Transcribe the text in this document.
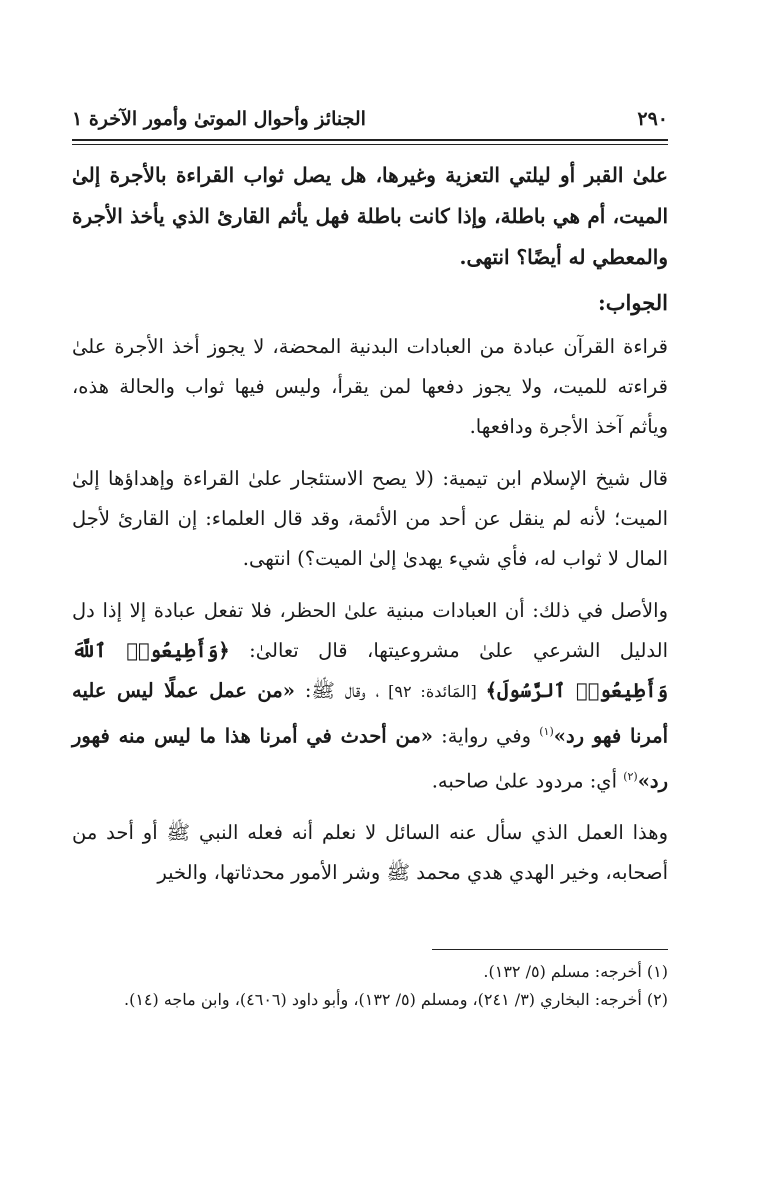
٢٩٠
الجنائز وأحوال الموتىٰ وأمور الآخرة ١

علىٰ القبر أو ليلتي التعزية وغيرها، هل يصل ثواب القراءة بالأجرة إلىٰ الميت، أم هي باطلة، وإذا كانت باطلة فهل يأثم القارئ الذي يأخذ الأجرة والمعطي له أيضًا؟ انتهى.

الجواب:

قراءة القرآن عبادة من العبادات البدنية المحضة، لا يجوز أخذ الأجرة علىٰ قراءته للميت، ولا يجوز دفعها لمن يقرأ، وليس فيها ثواب والحالة هذه، ويأثم آخذ الأجرة ودافعها.

قال شيخ الإسلام ابن تيمية: (لا يصح الاستئجار علىٰ القراءة وإهداؤها إلىٰ الميت؛ لأنه لم ينقل عن أحد من الأئمة، وقد قال العلماء: إن القارئ لأجل المال لا ثواب له، فأي شيء يهدىٰ إلىٰ الميت؟) انتهى.

والأصل في ذلك: أن العبادات مبنية علىٰ الحظر، فلا تفعل عبادة إلا إذا دل الدليل الشرعي علىٰ مشروعيتها، قال تعالىٰ: ﴿وَأَطِيعُوا۟ ٱللَّهَ وَأَطِيعُوا۟ ٱلرَّسُولَ﴾ [المَائدة: ٩٢] ، وقال ﷺ: «من عمل عملًا ليس عليه أمرنا فهو رد»$^{(١)}$ وفي رواية: «من أحدث في أمرنا هذا ما ليس منه فهور رد»$^{(٢)}$ أي: مردود علىٰ صاحبه.

وهذا العمل الذي سأل عنه السائل لا نعلم أنه فعله النبي ﷺ أو أحد من أصحابه، وخير الهدي هدي محمد ﷺ وشر الأمور محدثاتها، والخير

(١) أخرجه: مسلم (٥/ ١٣٢).
(٢) أخرجه: البخاري (٣/ ٢٤١)، ومسلم (٥/ ١٣٢)، وأبو داود (٤٦٠٦)، وابن ماجه (١٤).
